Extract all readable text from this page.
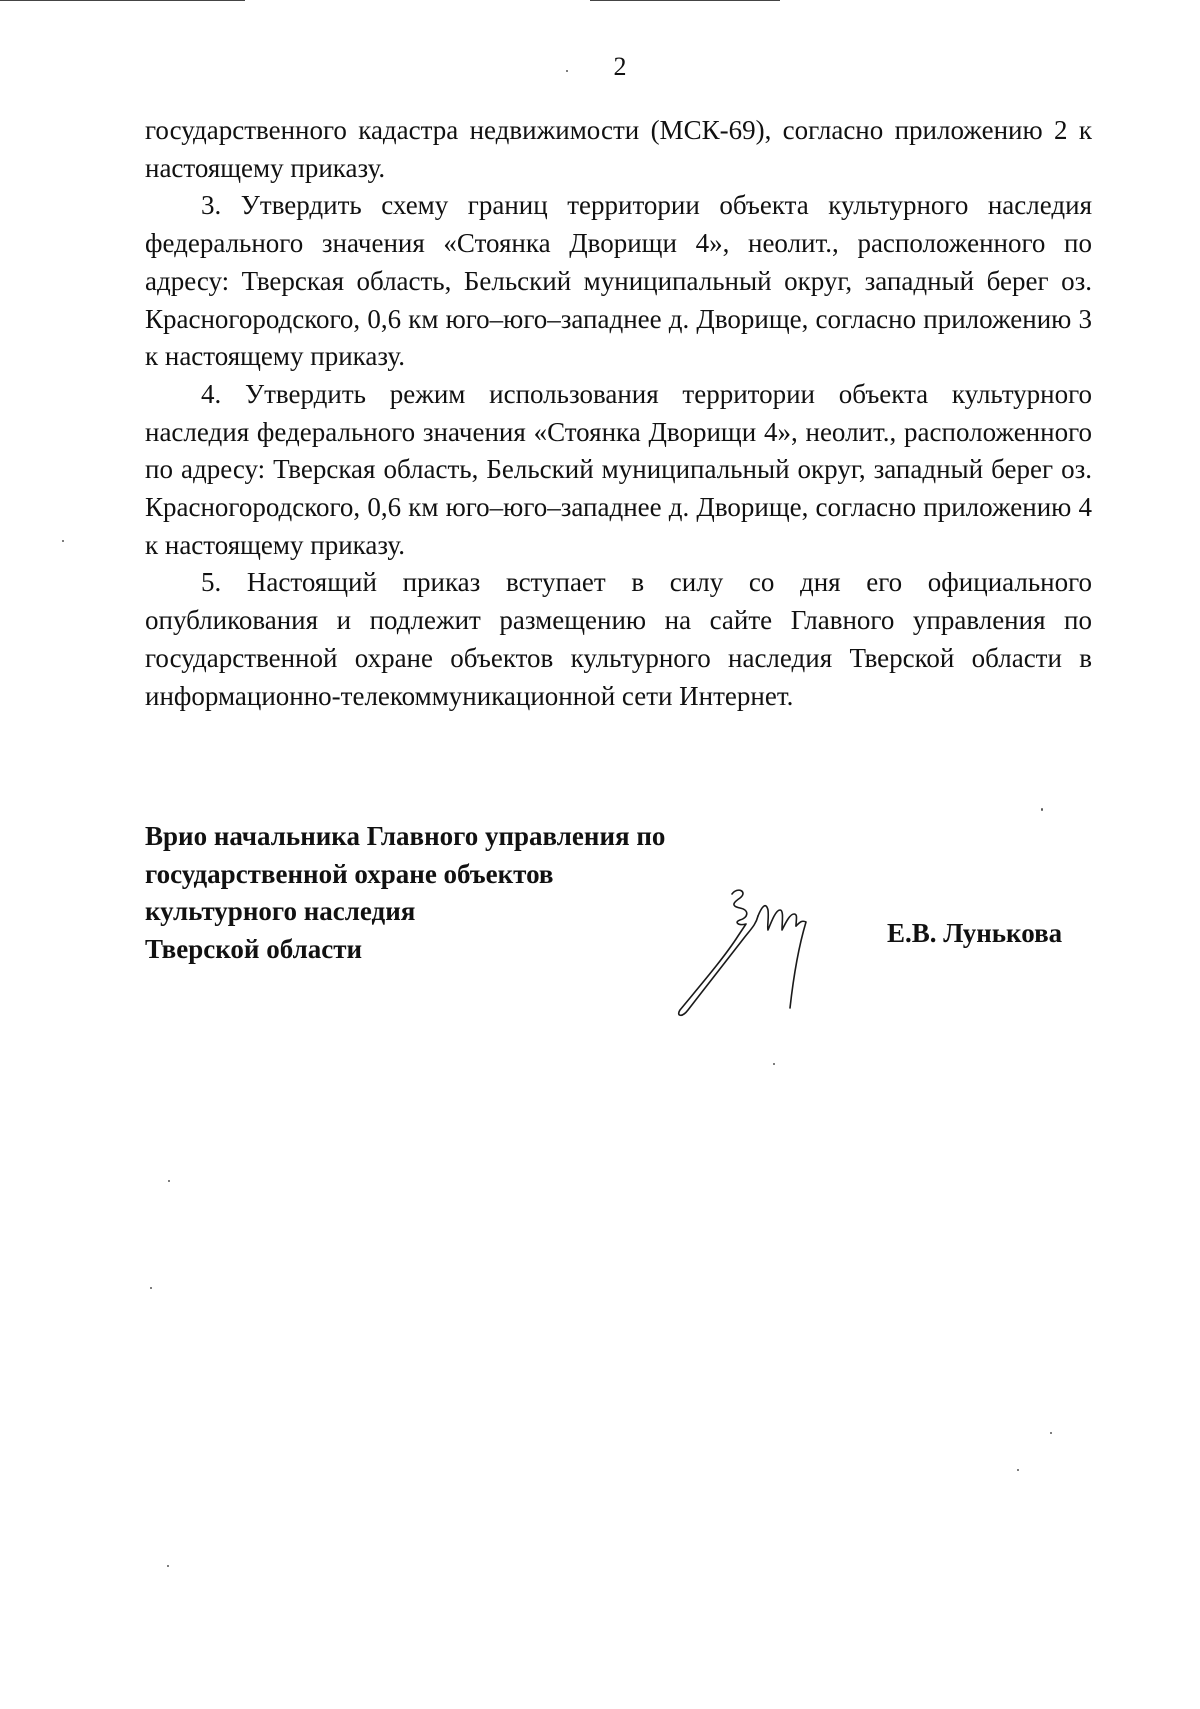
2

государственного кадастра недвижимости (МСК-69), согласно приложению 2 к настоящему приказу.

3. Утвердить схему границ территории объекта культурного наследия федерального значения «Стоянка Дворищи 4», неолит., расположенного по адресу: Тверская область, Бельский муниципальный округ, западный берег оз. Красногородского, 0,6 км юго–юго–западнее д. Дворище, согласно приложению 3 к настоящему приказу.

4. Утвердить режим использования территории объекта культурного наследия федерального значения «Стоянка Дворищи 4», неолит., расположенного по адресу: Тверская область, Бельский муниципальный округ, западный берег оз. Красногородского, 0,6 км юго–юго–западнее д. Дворище, согласно приложению 4 к настоящему приказу.

5. Настоящий приказ вступает в силу со дня его официального опубликования и подлежит размещению на сайте Главного управления по государственной охране объектов культурного наследия Тверской области в информационно-телекоммуникационной сети Интернет.

Врио начальника Главного управления по
государственной охране объектов
культурного наследия
Тверской области
Е.В. Лунькова
